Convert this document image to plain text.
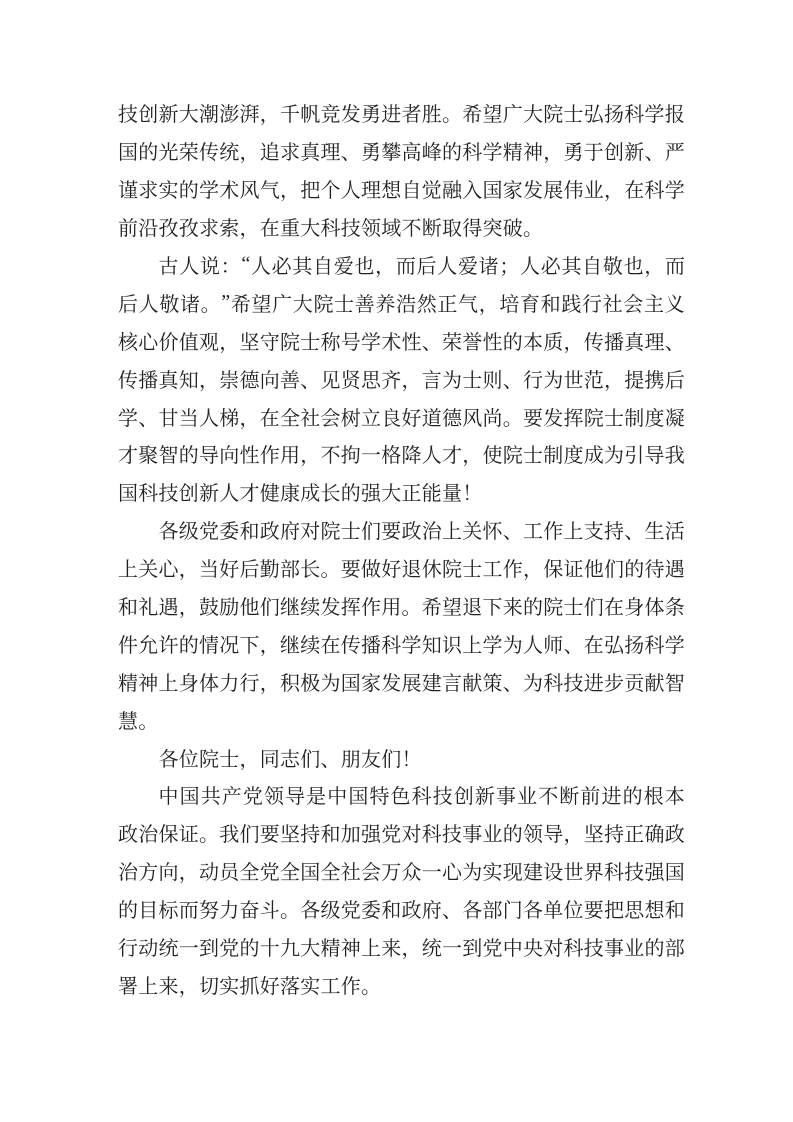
技 创 新 大 潮 澎 湃 ， 千 帆 竞 发 勇 进 者 胜 。 希 望 广 大 院 士 弘 扬 科 学 报
国 的 光 荣 传 统 ， 追 求 真 理 、 勇 攀 高 峰 的 科 学 精 神 ， 勇 于 创 新 、 严
谨 求 实 的 学 术 风 气 ， 把 个 人 理 想 自 觉 融 入 国 家 发 展 伟 业 ， 在 科 学
前 沿 孜 孜 求 索 ， 在 重 大 科 技 领 域 不 断 取 得 突 破 。
古 人 说 ： “ 人 必 其 自 爱 也 ， 而 后 人 爱 诸 ； 人 必 其 自 敬 也 ， 而
后 人 敬 诸 。 ” 希 望 广 大 院 士 善 养 浩 然 正 气 ， 培 育 和 践 行 社 会 主 义
核 心 价 值 观 ， 坚 守 院 士 称 号 学 术 性 、 荣 誉 性 的 本 质 ， 传 播 真 理 、
传 播 真 知 ， 崇 德 向 善 、 见 贤 思 齐 ， 言 为 士 则 、 行 为 世 范 ， 提 携 后
学 、 甘 当 人 梯 ， 在 全 社 会 树 立 良 好 道 德 风 尚 。 要 发 挥 院 士 制 度 凝
才 聚 智 的 导 向 性 作 用 ， 不 拘 一 格 降 人 才 ， 使 院 士 制 度 成 为 引 导 我
国 科 技 创 新 人 才 健 康 成 长 的 强 大 正 能 量 ！
各 级 党 委 和 政 府 对 院 士 们 要 政 治 上 关 怀 、 工 作 上 支 持 、 生 活
上 关 心 ， 当 好 后 勤 部 长 。 要 做 好 退 休 院 士 工 作 ， 保 证 他 们 的 待 遇
和 礼 遇 ， 鼓 励 他 们 继 续 发 挥 作 用 。 希 望 退 下 来 的 院 士 们 在 身 体 条
件 允 许 的 情 况 下 ， 继 续 在 传 播 科 学 知 识 上 学 为 人 师 、 在 弘 扬 科 学
精 神 上 身 体 力 行 ， 积 极 为 国 家 发 展 建 言 献 策 、 为 科 技 进 步 贡 献 智
慧 。
各 位 院 士 ， 同 志 们 、 朋 友 们 ！
中 国 共 产 党 领 导 是 中 国 特 色 科 技 创 新 事 业 不 断 前 进 的 根 本
政 治 保 证 。 我 们 要 坚 持 和 加 强 党 对 科 技 事 业 的 领 导 ， 坚 持 正 确 政
治 方 向 ， 动 员 全 党 全 国 全 社 会 万 众 一 心 为 实 现 建 设 世 界 科 技 强 国
的 目 标 而 努 力 奋 斗 。 各 级 党 委 和 政 府 、 各 部 门 各 单 位 要 把 思 想 和
行 动 统 一 到 党 的 十 九 大 精 神 上 来 ， 统 一 到 党 中 央 对 科 技 事 业 的 部
署 上 来 ， 切 实 抓 好 落 实 工 作 。
